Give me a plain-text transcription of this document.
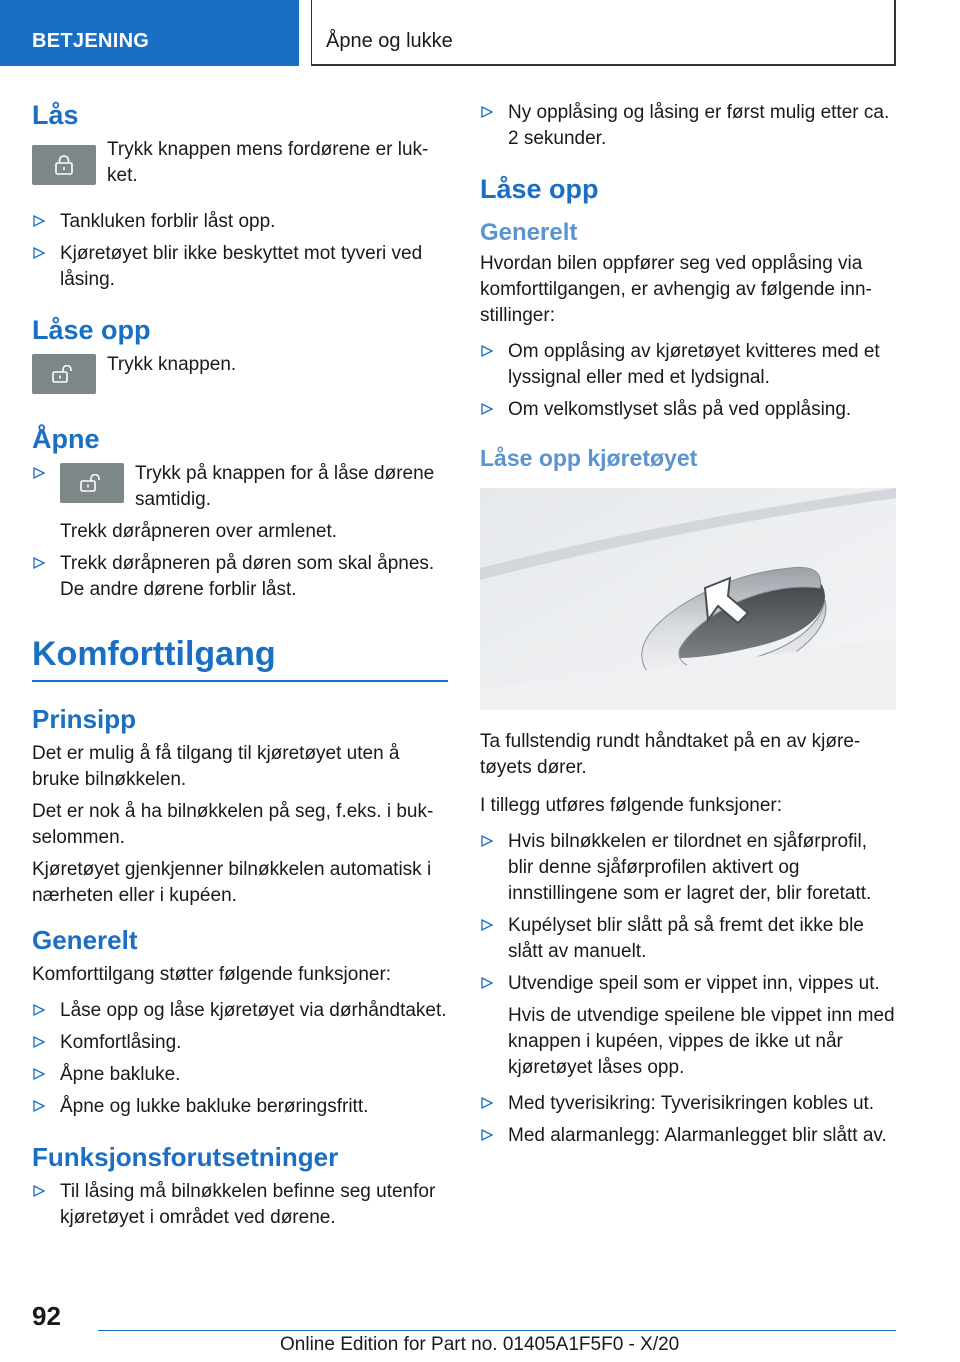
BETJENING	Åpne og lukke
Lås
Trykk knappen mens fordørene er luk-ket.
Tankluken forblir låst opp.
Kjøretøyet blir ikke beskyttet mot tyveri ved låsing.
Låse opp
Trykk knappen.
Åpne
Trykk på knappen for å låse dørene samtidig.
Trekk døråpneren over armlenet.
Trekk døråpneren på døren som skal åpnes. De andre dørene forblir låst.
Komforttilgang
Prinsipp

Det er mulig å få tilgang til kjøretøyet uten å bruke bilnøkkelen.

Det er nok å ha bilnøkkelen på seg, f.eks. i buk-selommen.

Kjøretøyet gjenkjenner bilnøkkelen automatisk i nærheten eller i kupéen.

Generelt

Komforttilgang støtter følgende funksjoner:

Låse opp og låse kjøretøyet via dørhåndtaket.
Komfortlåsing.
Åpne bakluke.
Åpne og lukke bakluke berøringsfritt.
Funksjonsforutsetninger
Til låsing må bilnøkkelen befinne seg utenfor kjøretøyet i området ved dørene.
Ny opplåsing og låsing er først mulig etter ca. 2 sekunder.
Låse opp
Generelt

Hvordan bilen oppfører seg ved opplåsing via komforttilgangen, er avhengig av følgende inn-stillinger:

Om opplåsing av kjøretøyet kvitteres med et lyssignal eller med et lydsignal.
Om velkomstlyset slås på ved opplåsing.
Låse opp kjøretøyet

Ta fullstendig rundt håndtaket på en av kjøre-tøyets dører.

I tillegg utføres følgende funksjoner:

Hvis bilnøkkelen er tilordnet en sjåførprofil, blir denne sjåførprofilen aktivert og innstillingene som er lagret der, blir foretatt.
Kupélyset blir slått på så fremt det ikke ble slått av manuelt.
Utvendige speil som er vippet inn, vippes ut.

Hvis de utvendige speilene ble vippet inn med knappen i kupéen, vippes de ikke ut når kjøretøyet låses opp.

Med tyverisikring: Tyverisikringen kobles ut.
Med alarmanlegg: Alarmanlegget blir slått av.
92
Online Edition for Part no. 01405A1F5F0 - X/20
